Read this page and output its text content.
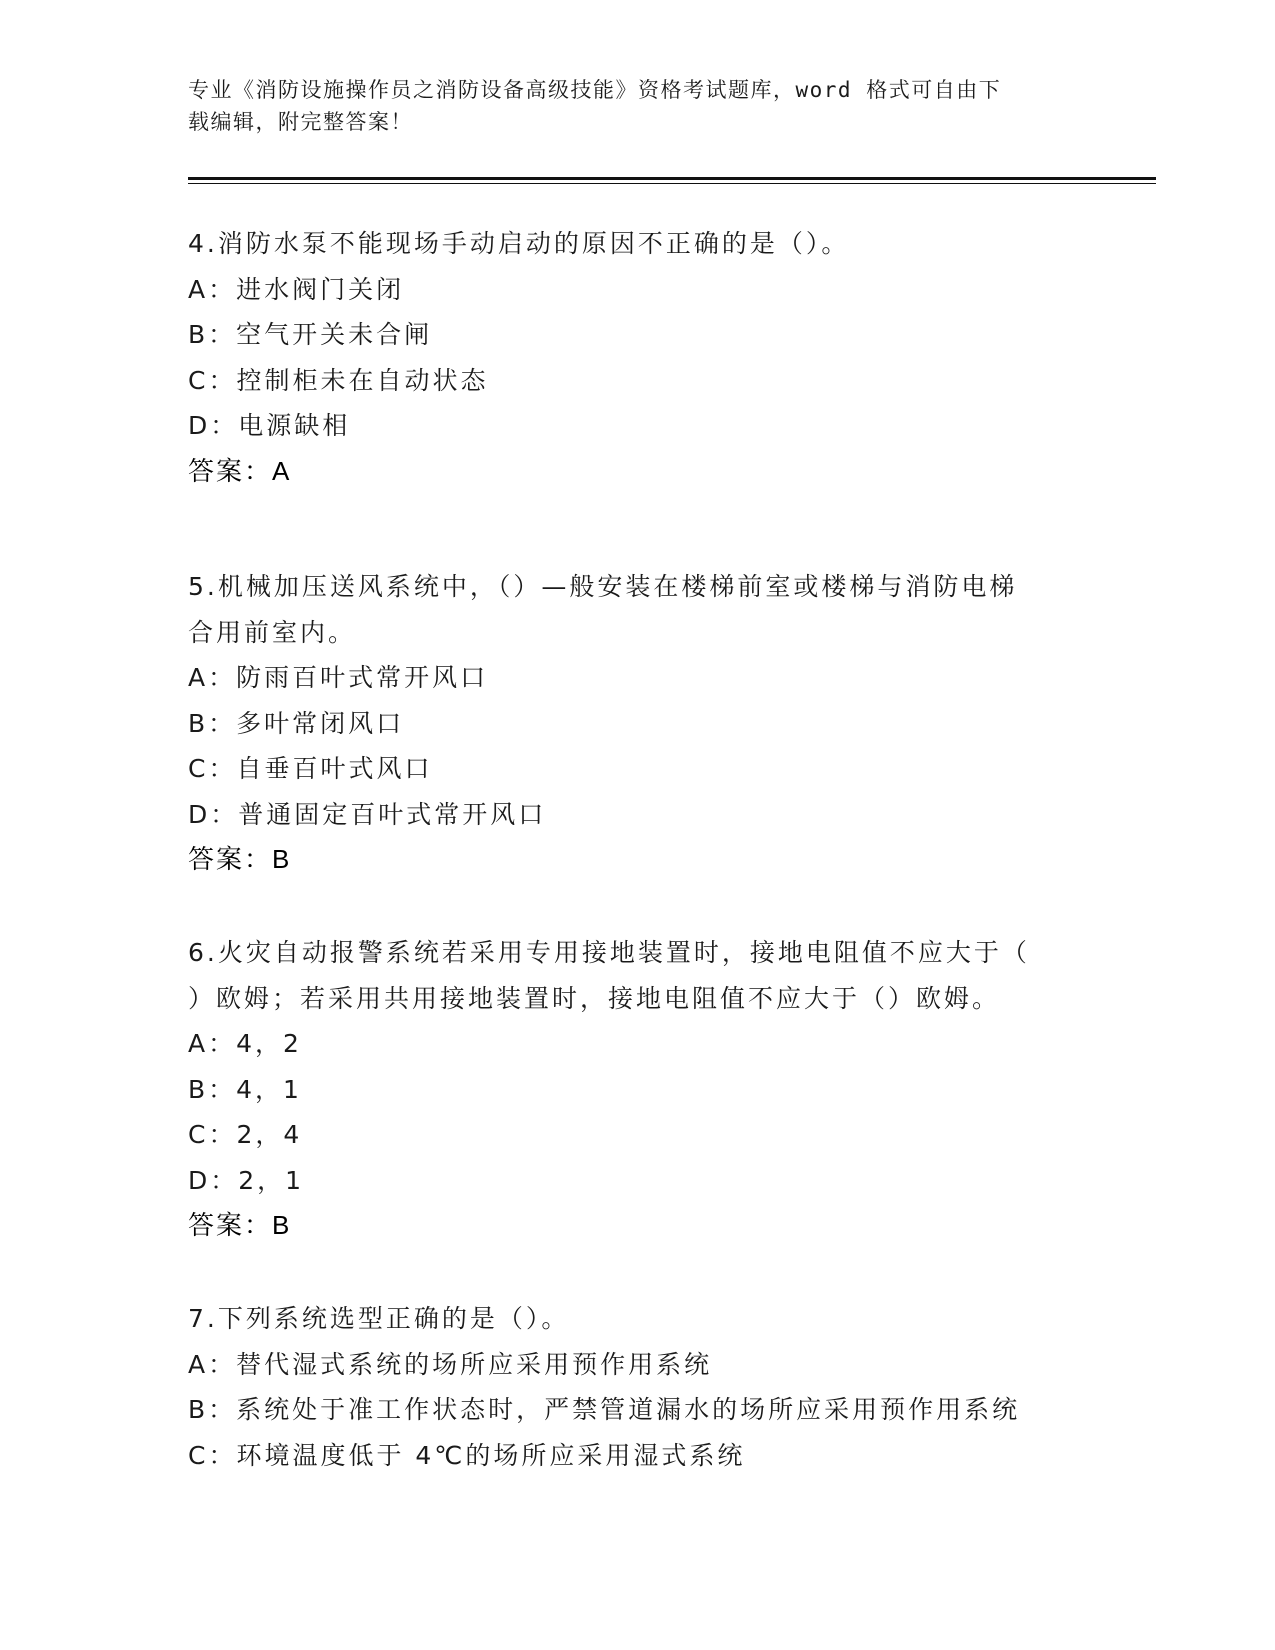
专业《消防设施操作员之消防设备高级技能》资格考试题库，word 格式可自由下
载编辑，附完整答案！
4.消防水泵不能现场手动启动的原因不正确的是（）。
A：进水阀门关闭
B：空气开关未合闸
C：控制柜未在自动状态
D：电源缺相
答案：A
5.机械加压送风系统中，（）—般安装在楼梯前室或楼梯与消防电梯
合用前室内。
A：防雨百叶式常开风口
B：多叶常闭风口
C：自垂百叶式风口
D：普通固定百叶式常开风口
答案：B
6.火灾自动报警系统若采用专用接地装置时，接地电阻值不应大于（
）欧姆；若采用共用接地装置时，接地电阻值不应大于（）欧姆。
A：4，2
B：4，1
C：2，4
D：2，1
答案：B
7.下列系统选型正确的是（）。
A：替代湿式系统的场所应采用预作用系统
B：系统处于准工作状态时，严禁管道漏水的场所应采用预作用系统
C：环境温度低于 4℃的场所应采用湿式系统
